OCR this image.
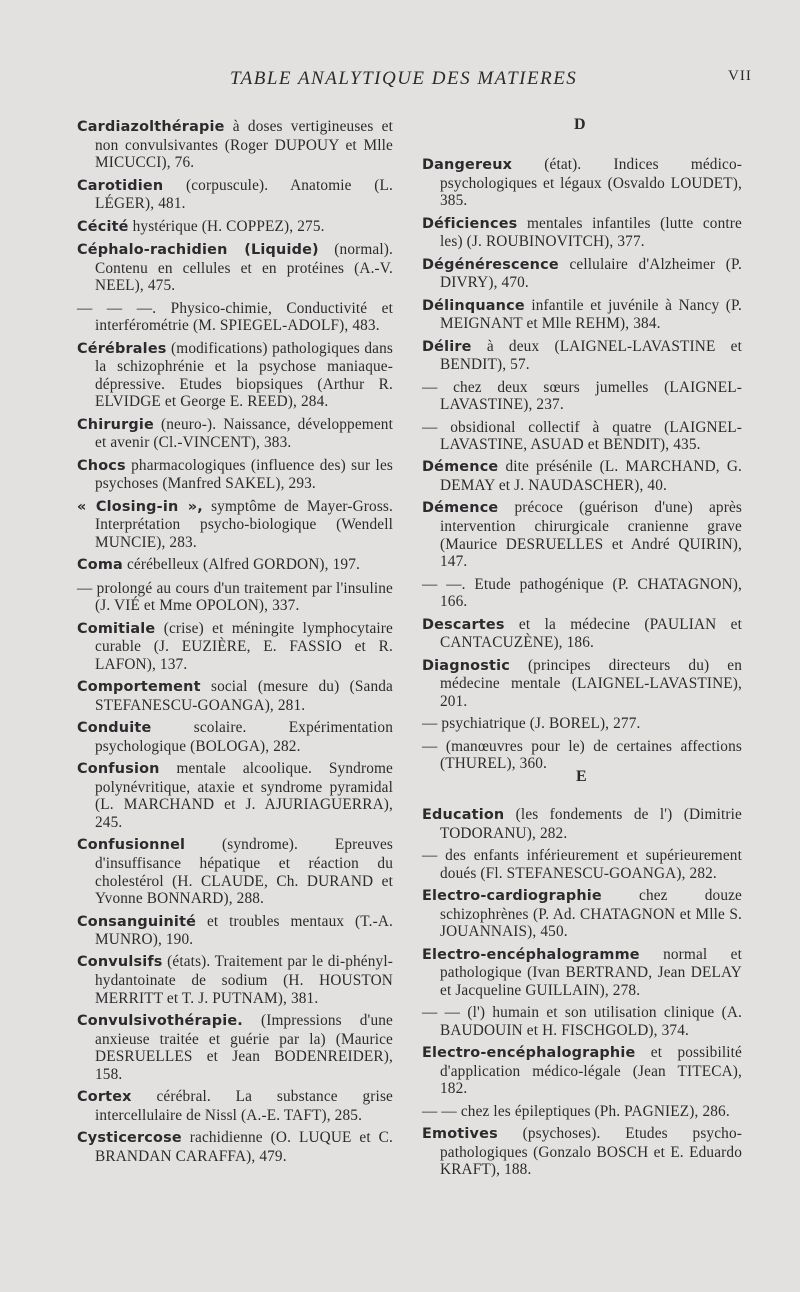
TABLE ANALYTIQUE DES MATIERES	VII

Cardiazolthérapie à doses vertigineuses et non convulsivantes (Roger DUPOUY et Mlle MICUCCI), 76.

Carotidien (corpuscule). Anatomie (L. LÉGER), 481.

Cécité hystérique (H. COPPEZ), 275.

Céphalo-rachidien (Liquide) (normal). Contenu en cellules et en protéines (A.-V. NEEL), 475.

— — —. Physico-chimie, Conductivité et interférométrie (M. SPIEGEL-ADOLF), 483.

Cérébrales (modifications) pathologiques dans la schizophrénie et la psychose maniaque-dépressive. Etudes biopsiques (Arthur R. ELVIDGE et George E. REED), 284.

Chirurgie (neuro-). Naissance, développement et avenir (Cl.-VINCENT), 383.

Chocs pharmacologiques (influence des) sur les psychoses (Manfred SAKEL), 293.

« Closing-in », symptôme de Mayer-Gross. Interprétation psycho-biologique (Wendell MUNCIE), 283.

Coma cérébelleux (Alfred GORDON), 197.

— prolongé au cours d'un traitement par l'insuline (J. VIÉ et Mme OPOLON), 337.

Comitiale (crise) et méningite lymphocytaire curable (J. EUZIÈRE, E. FASSIO et R. LAFON), 137.

Comportement social (mesure du) (Sanda STEFANESCU-GOANGA), 281.

Conduite scolaire. Expérimentation psychologique (BOLOGA), 282.

Confusion mentale alcoolique. Syndrome polynévritique, ataxie et syndrome pyramidal (L. MARCHAND et J. AJURIAGUERRA), 245.

Confusionnel (syndrome). Epreuves d'insuffisance hépatique et réaction du cholestérol (H. CLAUDE, Ch. DURAND et Yvonne BONNARD), 288.

Consanguinité et troubles mentaux (T.-A. MUNRO), 190.

Convulsifs (états). Traitement par le di-phényl-hydantoinate de sodium (H. HOUSTON MERRITT et T. J. PUTNAM), 381.

Convulsivothérapie. (Impressions d'une anxieuse traitée et guérie par la) (Maurice DESRUELLES et Jean BODENREIDER), 158.

Cortex cérébral. La substance grise intercellulaire de Nissl (A.-E. TAFT), 285.

Cysticercose rachidienne (O. LUQUE et C. BRANDAN CARAFFA), 479.

D

Dangereux (état). Indices médico-psychologiques et légaux (Osvaldo LOUDET), 385.

Déficiences mentales infantiles (lutte contre les) (J. ROUBINOVITCH), 377.

Dégénérescence cellulaire d'Alzheimer (P. DIVRY), 470.

Délinquance infantile et juvénile à Nancy (P. MEIGNANT et Mlle REHM), 384.

Délire à deux (LAIGNEL-LAVASTINE et BENDIT), 57.

— chez deux sœurs jumelles (LAIGNEL-LAVASTINE), 237.

— obsidional collectif à quatre (LAIGNEL-LAVASTINE, ASUAD et BENDIT), 435.

Démence dite présénile (L. MARCHAND, G. DEMAY et J. NAUDASCHER), 40.

Démence précoce (guérison d'une) après intervention chirurgicale cranienne grave (Maurice DESRUELLES et André QUIRIN), 147.

— —. Etude pathogénique (P. CHATAGNON), 166.

Descartes et la médecine (PAULIAN et CANTACUZÈNE), 186.

Diagnostic (principes directeurs du) en médecine mentale (LAIGNEL-LAVASTINE), 201.

— psychiatrique (J. BOREL), 277.

— (manœuvres pour le) de certaines affections (THUREL), 360.

E

Education (les fondements de l') (Dimitrie TODORANU), 282.

— des enfants inférieurement et supérieurement doués (Fl. STEFANESCU-GOANGA), 282.

Electro-cardiographie chez douze schizophrènes (P. Ad. CHATAGNON et Mlle S. JOUANNAIS), 450.

Electro-encéphalogramme normal et pathologique (Ivan BERTRAND, Jean DELAY et Jacqueline GUILLAIN), 278.

— — (l') humain et son utilisation clinique (A. BAUDOUIN et H. FISCHGOLD), 374.

Electro-encéphalographie et possibilité d'application médico-légale (Jean TITECA), 182.

— — chez les épileptiques (Ph. PAGNIEZ), 286.

Emotives (psychoses). Etudes psycho-pathologiques (Gonzalo BOSCH et E. Eduardo KRAFT), 188.
